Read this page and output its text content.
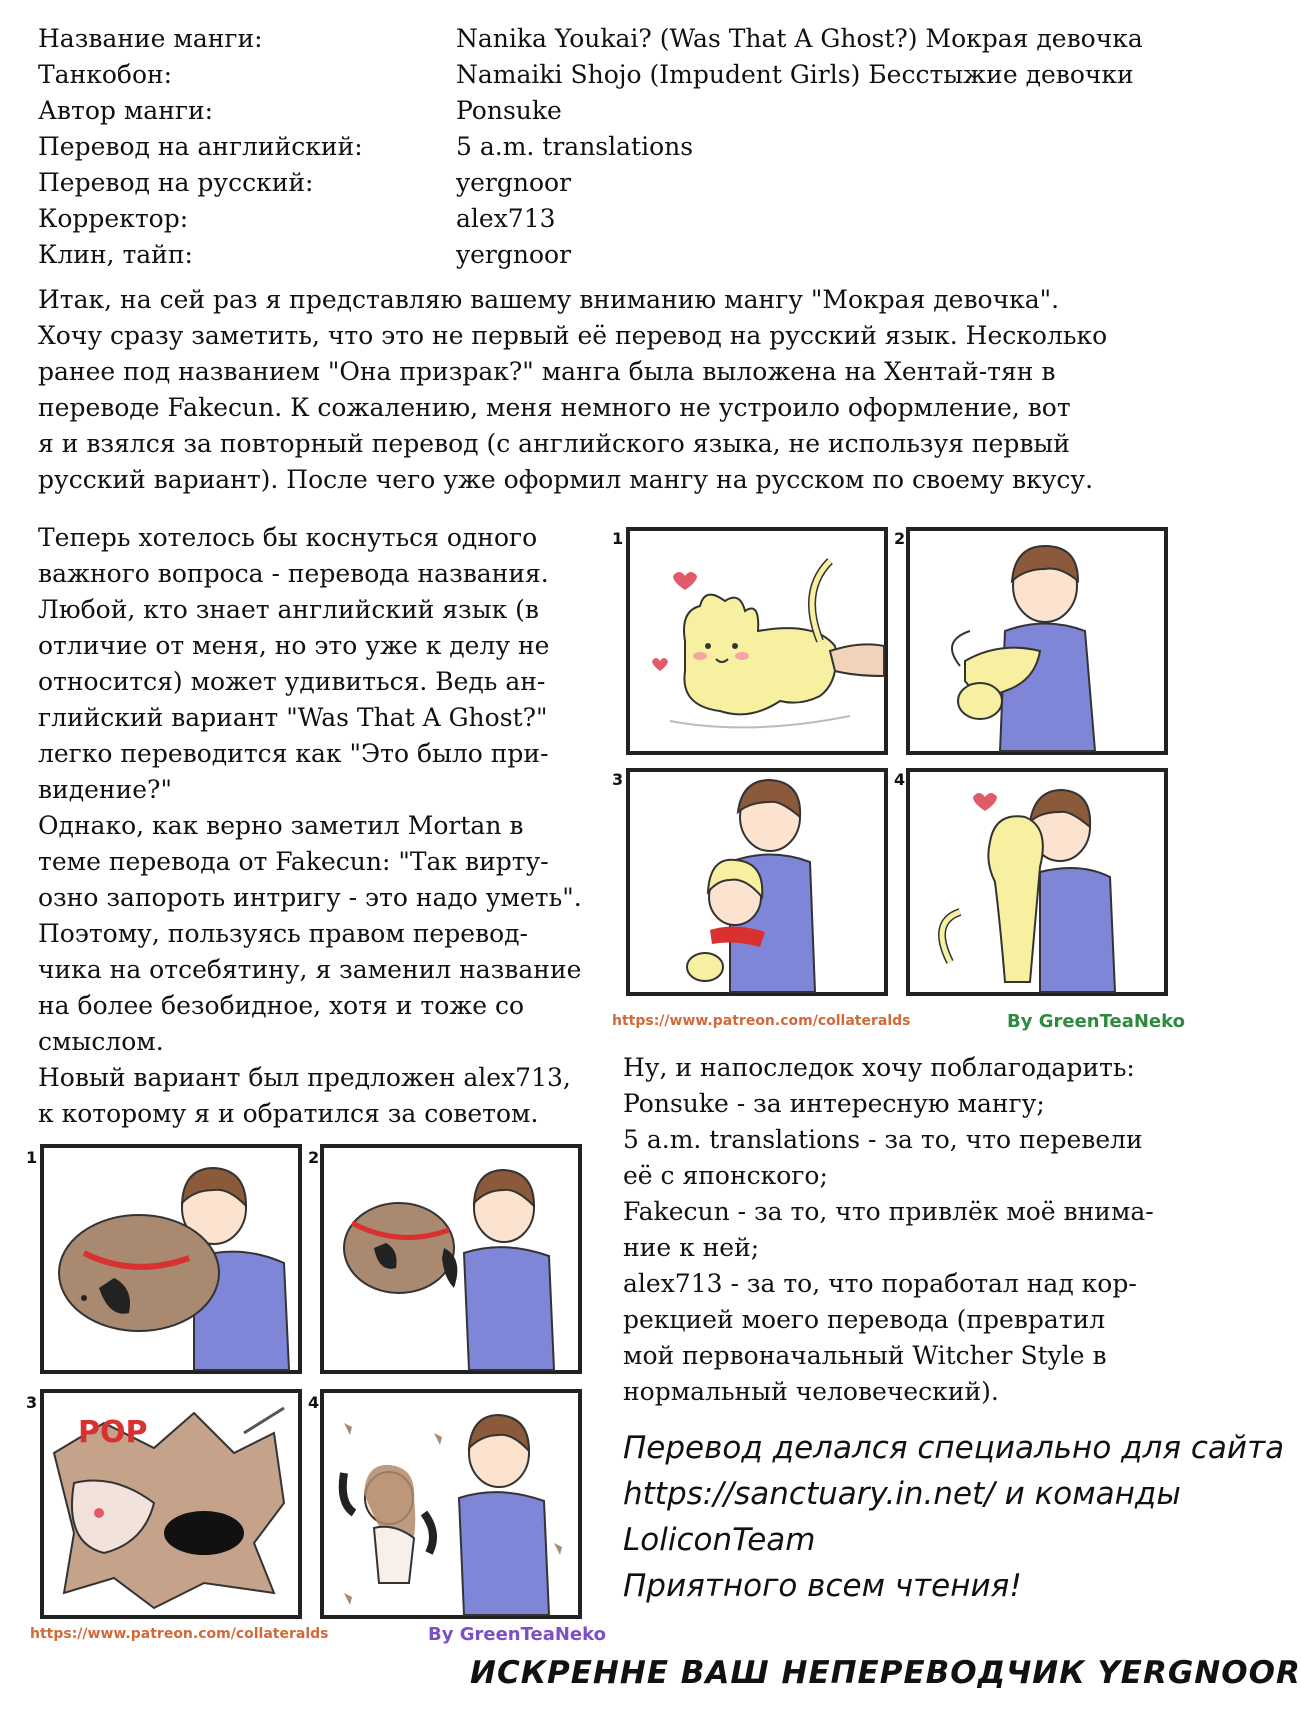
Название манги:	Nanika Youkai? (Was That A Ghost?) Мокрая девочка
Танкобон:	Namaiki Shojo (Impudent Girls) Бесстыжие девочки
Автор манги:	Ponsuke
Перевод на английский:	5 a.m. translations
Перевод на русский:	yergnoor
Корректор:	alex713
Клин, тайп:	yergnoor
Итак, на сей раз я представляю вашему вниманию мангу "Мокрая девочка".
Хочу сразу заметить, что это не первый её перевод на русский язык. Несколько
ранее под названием "Она призрак?" манга была выложена на Хентай-тян в
переводе Fakecun. К сожалению, меня немного не устроило оформление, вот
я и взялся за повторный перевод (с английского языка, не используя первый
русский вариант). После чего уже оформил мангу на русском по своему вкусу.
Теперь хотелось бы коснуться одного
важного вопроса - перевода названия.
Любой, кто знает английский язык (в
отличие от меня, но это уже к делу не
относится) может удивиться. Ведь ан-
глийский вариант "Was That A Ghost?"
легко переводится как "Это было при-
видение?"
Однако, как верно заметил Mortan в
теме перевода от Fakecun: "Так вирту-
озно запороть интригу - это надо уметь".
Поэтому, пользуясь правом перевод-
чика на отсебятину, я заменил название
на более безобидное, хотя и тоже со
смыслом.
Новый вариант был предложен alex713,
к которому я и обратился за советом.
1	2
3	4
https://www.patreon.com/collateralds	By GreenTeaNeko
Ну, и напоследок хочу поблагодарить:
Ponsuke - за интересную мангу;
5 a.m. translations - за то, что перевели
её с японского;
Fakecun - за то, что привлёк моё внима-
ние к ней;
alex713 - за то, что поработал над кор-
рекцией моего перевода (превратил
мой первоначальный Witcher Style в
нормальный человеческий).
1	2
3	4
POP
https://www.patreon.com/collateralds	By GreenTeaNeko
Перевод делался специально для сайта
https://sanctuary.in.net/ и команды
LoliconTeam
Приятного всем чтения!
ИСКРЕННЕ ВАШ НЕПЕРЕВОДЧИК YERGNOOR
